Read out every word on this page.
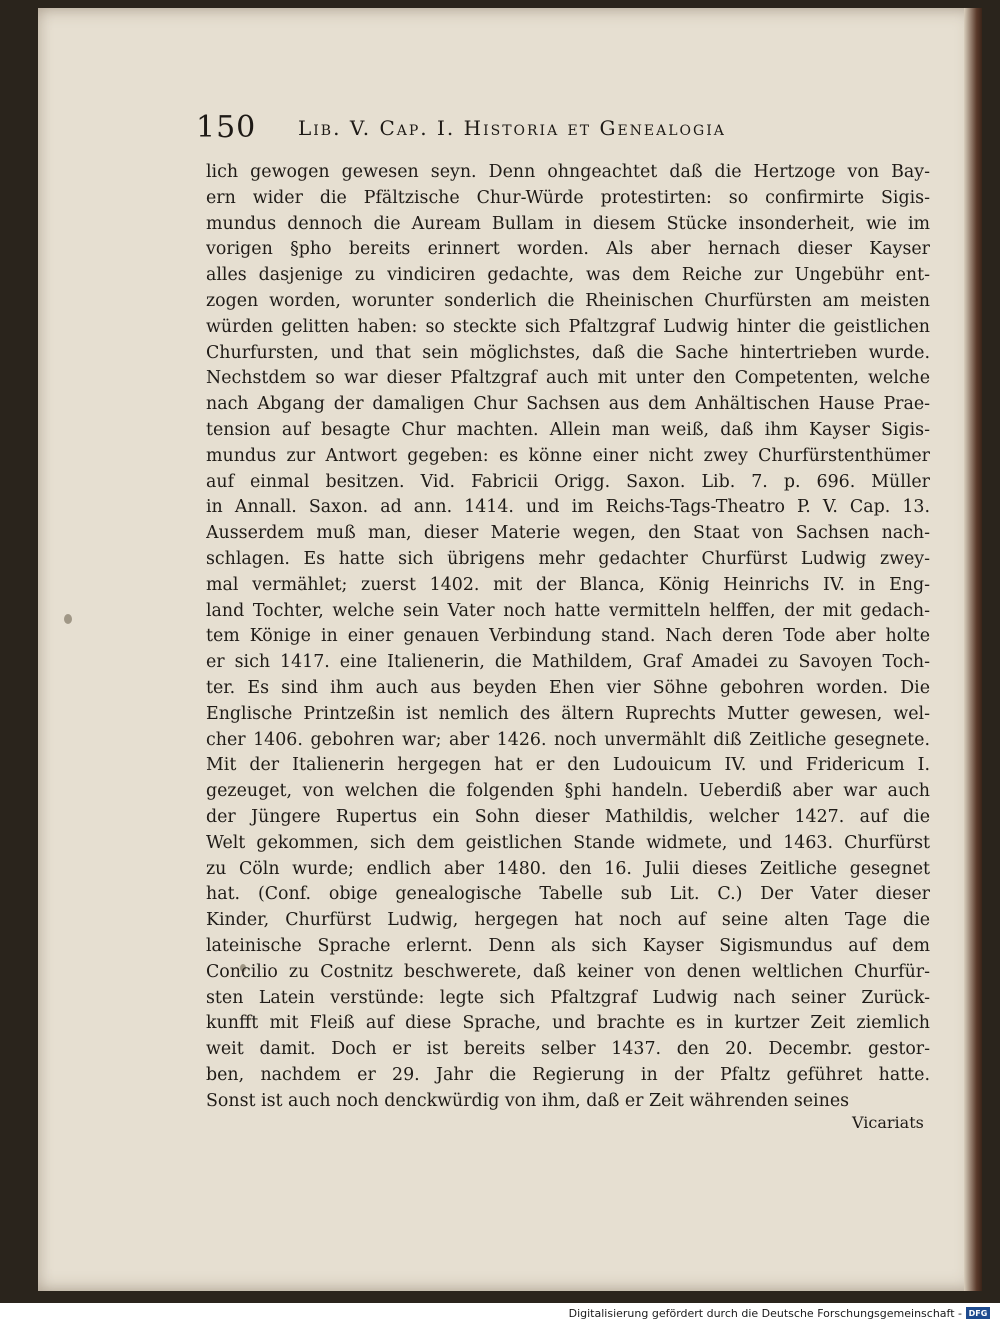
150 Lib. V. Cap. I. Historia et Genealogia
lich gewogen gewesen seyn. Denn ohngeachtet daß die Hertzoge von Bay-
ern wider die Pfältzische Chur-Würde protestirten: so confirmirte Sigis-
mundus dennoch die Auream Bullam in diesem Stücke insonderheit, wie im
vorigen §pho bereits erinnert worden. Als aber hernach dieser Kayser
alles dasjenige zu vindiciren gedachte, was dem Reiche zur Ungebühr ent-
zogen worden, worunter sonderlich die Rheinischen Churfürsten am meisten
würden gelitten haben: so steckte sich Pfaltzgraf Ludwig hinter die geistlichen
Churfursten, und that sein möglichstes, daß die Sache hintertrieben wurde.
Nechstdem so war dieser Pfaltzgraf auch mit unter den Competenten, welche
nach Abgang der damaligen Chur Sachsen aus dem Anhältischen Hause Prae-
tension auf besagte Chur machten. Allein man weiß, daß ihm Kayser Sigis-
mundus zur Antwort gegeben: es könne einer nicht zwey Churfürstenthümer
auf einmal besitzen. Vid. Fabricii Origg. Saxon. Lib. 7. p. 696. Müller
in Annall. Saxon. ad ann. 1414. und im Reichs-Tags-Theatro P. V. Cap. 13.
Ausserdem muß man, dieser Materie wegen, den Staat von Sachsen nach-
schlagen. Es hatte sich übrigens mehr gedachter Churfürst Ludwig zwey-
mal vermählet; zuerst 1402. mit der Blanca, König Heinrichs IV. in Eng-
land Tochter, welche sein Vater noch hatte vermitteln helffen, der mit gedach-
tem Könige in einer genauen Verbindung stand. Nach deren Tode aber holte
er sich 1417. eine Italienerin, die Mathildem, Graf Amadei zu Savoyen Toch-
ter. Es sind ihm auch aus beyden Ehen vier Söhne gebohren worden. Die
Englische Printzeßin ist nemlich des ältern Ruprechts Mutter gewesen, wel-
cher 1406. gebohren war; aber 1426. noch unvermählt diß Zeitliche gesegnete.
Mit der Italienerin hergegen hat er den Ludouicum IV. und Fridericum I.
gezeuget, von welchen die folgenden §phi handeln. Ueberdiß aber war auch
der Jüngere Rupertus ein Sohn dieser Mathildis, welcher 1427. auf die
Welt gekommen, sich dem geistlichen Stande widmete, und 1463. Churfürst
zu Cöln wurde; endlich aber 1480. den 16. Julii dieses Zeitliche gesegnet
hat. (Conf. obige genealogische Tabelle sub Lit. C.) Der Vater dieser
Kinder, Churfürst Ludwig, hergegen hat noch auf seine alten Tage die
lateinische Sprache erlernt. Denn als sich Kayser Sigismundus auf dem
Concilio zu Costnitz beschwerete, daß keiner von denen weltlichen Churfür-
sten Latein verstünde: legte sich Pfaltzgraf Ludwig nach seiner Zurück-
kunfft mit Fleiß auf diese Sprache, und brachte es in kurtzer Zeit ziemlich
weit damit. Doch er ist bereits selber 1437. den 20. Decembr. gestor-
ben, nachdem er 29. Jahr die Regierung in der Pfaltz geführet hatte.
Sonst ist auch noch denckwürdig von ihm, daß er Zeit währenden seines
Vicariats
Digitalisierung gefördert durch die Deutsche Forschungsgemeinschaft - DFG
